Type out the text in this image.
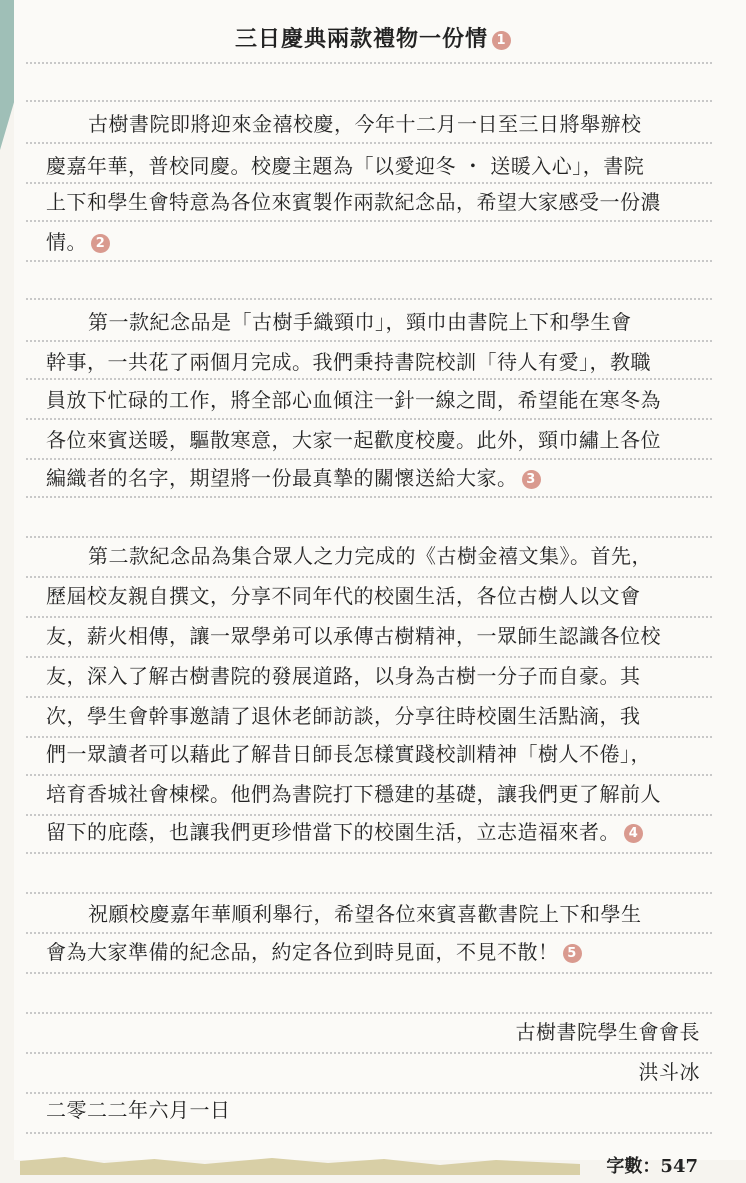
三日慶典兩款禮物一份情 1
古樹書院即將迎來金禧校慶，今年十二月一日至三日將舉辦校
慶嘉年華，普校同慶。校慶主題為「以愛迎冬 ・ 送暖入心」，書院
上下和學生會特意為各位來賓製作兩款紀念品，希望大家感受一份濃
情。 2
第一款紀念品是「古樹手織頸巾」，頸巾由書院上下和學生會
幹事，一共花了兩個月完成。我們秉持書院校訓「待人有愛」，教職
員放下忙碌的工作，將全部心血傾注一針一線之間，希望能在寒冬為
各位來賓送暖，驅散寒意，大家一起歡度校慶。此外，頸巾繡上各位
編織者的名字，期望將一份最真摯的關懷送給大家。 3
第二款紀念品為集合眾人之力完成的《古樹金禧文集》。首先，
歷屆校友親自撰文，分享不同年代的校園生活，各位古樹人以文會
友，薪火相傳，讓一眾學弟可以承傳古樹精神，一眾師生認識各位校
友，深入了解古樹書院的發展道路，以身為古樹一分子而自豪。其
次，學生會幹事邀請了退休老師訪談，分享往時校園生活點滴，我
們一眾讀者可以藉此了解昔日師長怎樣實踐校訓精神「樹人不倦」，
培育香城社會棟樑。他們為書院打下穩建的基礎，讓我們更了解前人
留下的庇蔭，也讓我們更珍惜當下的校園生活，立志造福來者。 4
祝願校慶嘉年華順利舉行，希望各位來賓喜歡書院上下和學生
會為大家準備的紀念品，約定各位到時見面，不見不散！ 5
古樹書院學生會會長
洪斗冰
二零二二年六月一日
字數：547
